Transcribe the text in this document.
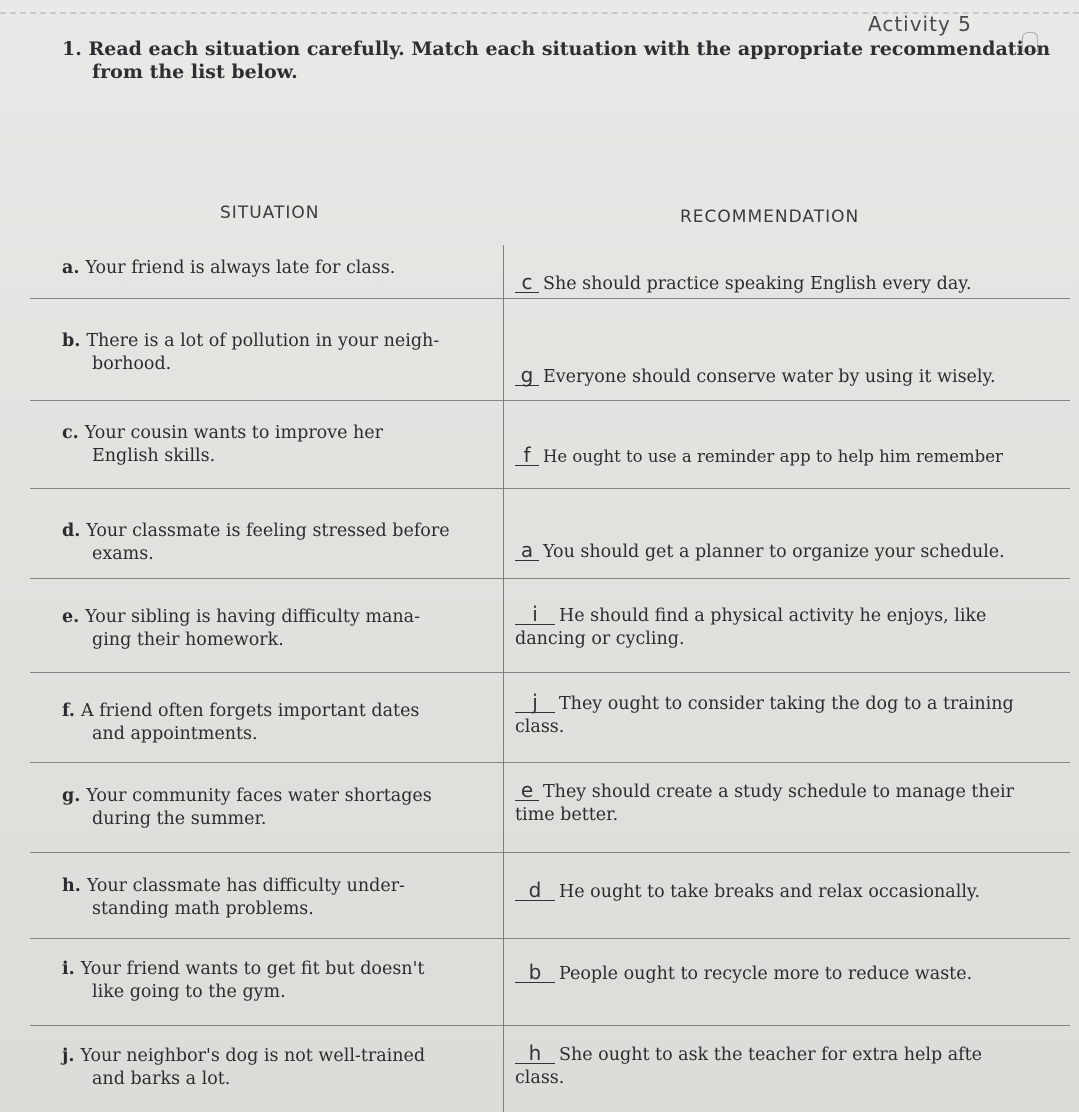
Activity 5
1. Read each situation carefully. Match each situation with the appropriate recommendation
from the list below.
SITUATION	RECOMMENDATION
a. Your friend is always late for class.
b. There is a lot of pollution in your neigh-
borhood.
c. Your cousin wants to improve her
English skills.
d. Your classmate is feeling stressed before
exams.
e. Your sibling is having difficulty mana-
ging their homework.
f. A friend often forgets important dates
and appointments.
g. Your community faces water shortages
during the summer.
h. Your classmate has difficulty under-
standing math problems.
i. Your friend wants to get fit but doesn't
like going to the gym.
j. Your neighbor's dog is not well-trained
and barks a lot.
c She should practice speaking English every day.
g Everyone should conserve water by using it wisely.
f He ought to use a reminder app to help him remember
a You should get a planner to organize your schedule.
i He should find a physical activity he enjoys, like
dancing or cycling.
j They ought to consider taking the dog to a training
class.
e They should create a study schedule to manage their
time better.
d He ought to take breaks and relax occasionally.
b People ought to recycle more to reduce waste.
h She ought to ask the teacher for extra help afte
class.
